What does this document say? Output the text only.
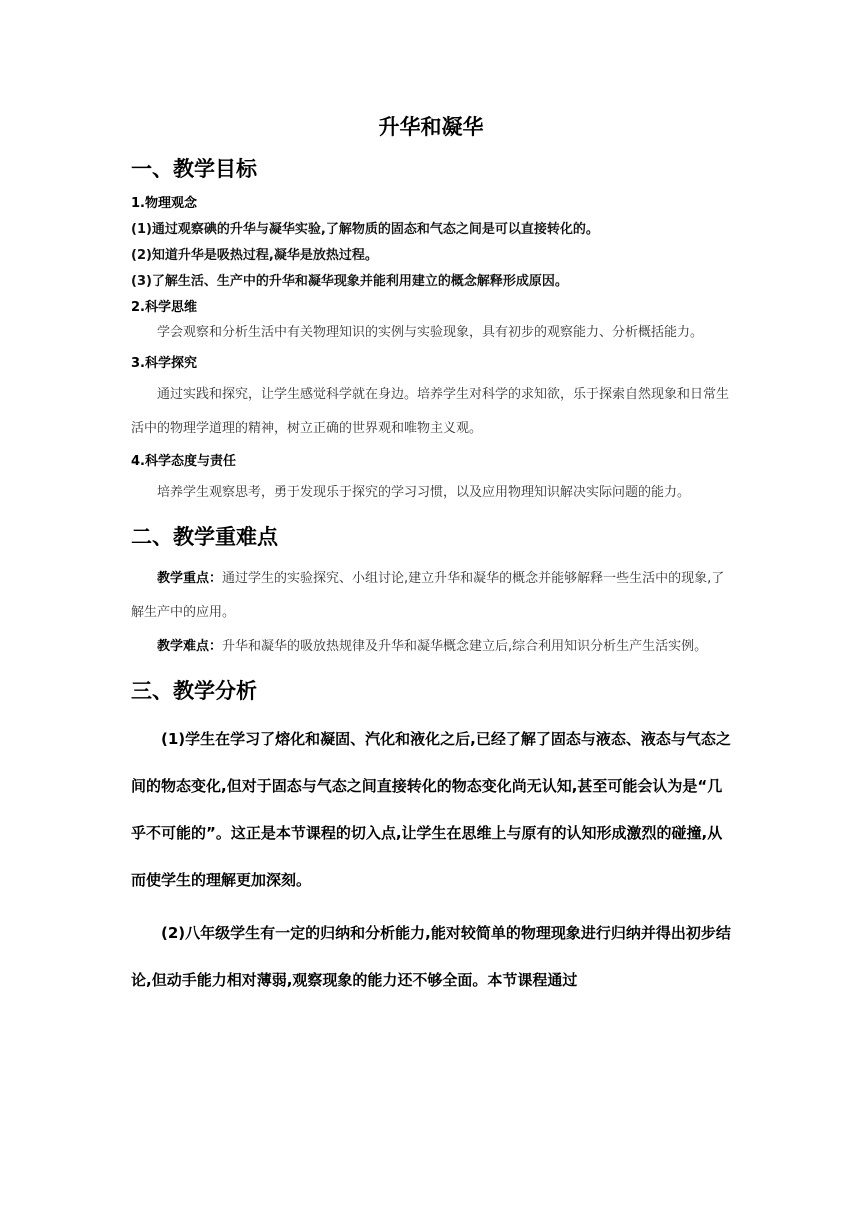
升华和凝华
一、教学目标
1.物理观念
(1)通过观察碘的升华与凝华实验,了解物质的固态和气态之间是可以直接转化的。
(2)知道升华是吸热过程,凝华是放热过程。
(3)了解生活、生产中的升华和凝华现象并能利用建立的概念解释形成原因。
2.科学思维

学会观察和分析生活中有关物理知识的实例与实验现象，具有初步的观察能力、分析概括能力。

3.科学探究

通过实践和探究，让学生感觉科学就在身边。培养学生对科学的求知欲，乐于探索自然现象和日常生活中的物理学道理的精神，树立正确的世界观和唯物主义观。

4.科学态度与责任

培养学生观察思考，勇于发现乐于探究的学习习惯，以及应用物理知识解决实际问题的能力。

二、教学重难点

教学重点：通过学生的实验探究、小组讨论,建立升华和凝华的概念并能够解释一些生活中的现象,了解生产中的应用。

教学难点：升华和凝华的吸放热规律及升华和凝华概念建立后,综合利用知识分析生产生活实例。

三、教学分析

(1)学生在学习了熔化和凝固、汽化和液化之后,已经了解了固态与液态、液态与气态之间的物态变化,但对于固态与气态之间直接转化的物态变化尚无认知,甚至可能会认为是“几乎不可能的”。这正是本节课程的切入点,让学生在思维上与原有的认知形成激烈的碰撞,从而使学生的理解更加深刻。

(2)八年级学生有一定的归纳和分析能力,能对较简单的物理现象进行归纳并得出初步结论,但动手能力相对薄弱,观察现象的能力还不够全面。本节课程通过
